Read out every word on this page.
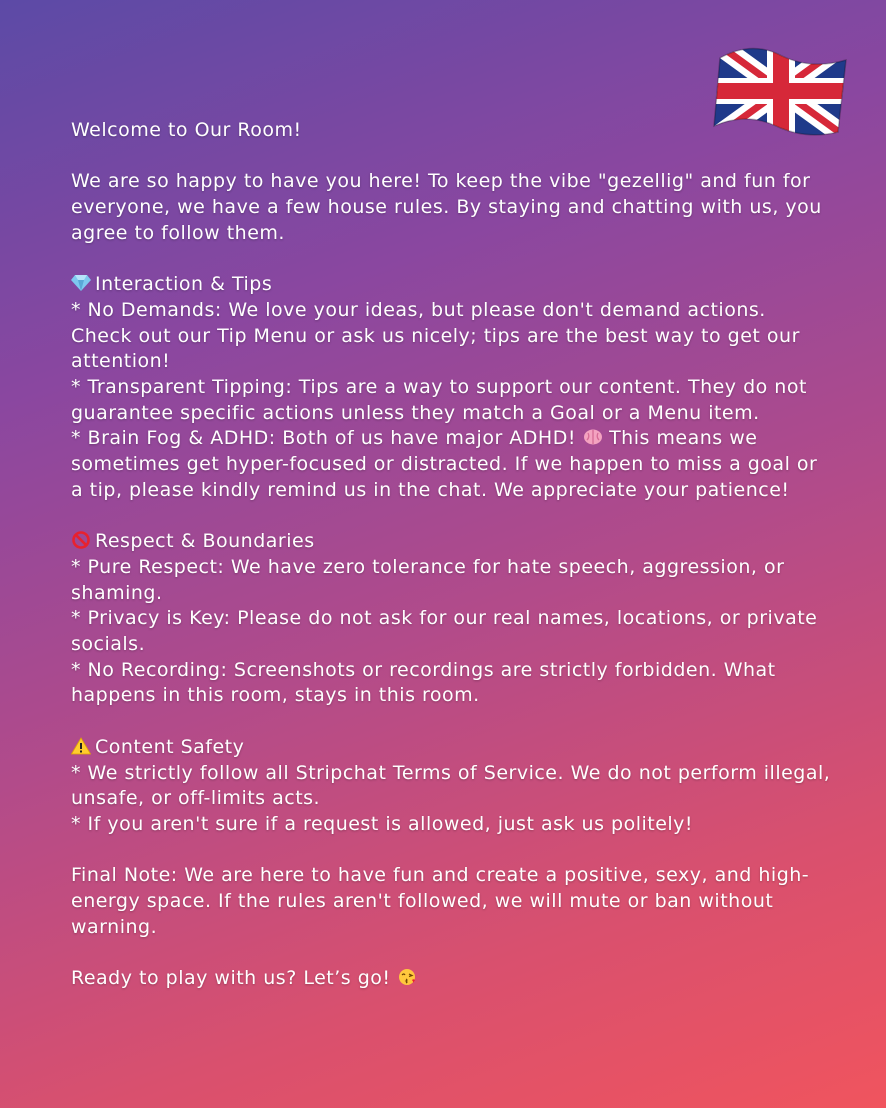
Welcome to Our Room!

We are so happy to have you here! To keep the vibe "gezellig" and fun for everyone, we have a few house rules. By staying and chatting with us, you agree to follow them.

Interaction & Tips

* No Demands: We love your ideas, but please don't demand actions. Check out our Tip Menu or ask us nicely; tips are the best way to get our attention!

* Transparent Tipping: Tips are a way to support our content. They do not guarantee specific actions unless they match a Goal or a Menu item.

* Brain Fog & ADHD: Both of us have major ADHD! This means we sometimes get hyper-focused or distracted. If we happen to miss a goal or a tip, please kindly remind us in the chat. We appreciate your patience!

Respect & Boundaries

* Pure Respect: We have zero tolerance for hate speech, aggression, or shaming.

* Privacy is Key: Please do not ask for our real names, locations, or private socials.

* No Recording: Screenshots or recordings are strictly forbidden. What happens in this room, stays in this room.

Content Safety

* We strictly follow all Stripchat Terms of Service. We do not perform illegal, unsafe, or off-limits acts.

* If you aren't sure if a request is allowed, just ask us politely!

Final Note: We are here to have fun and create a positive, sexy, and high-energy space. If the rules aren't followed, we will mute or ban without warning.

Ready to play with us? Let’s go!
